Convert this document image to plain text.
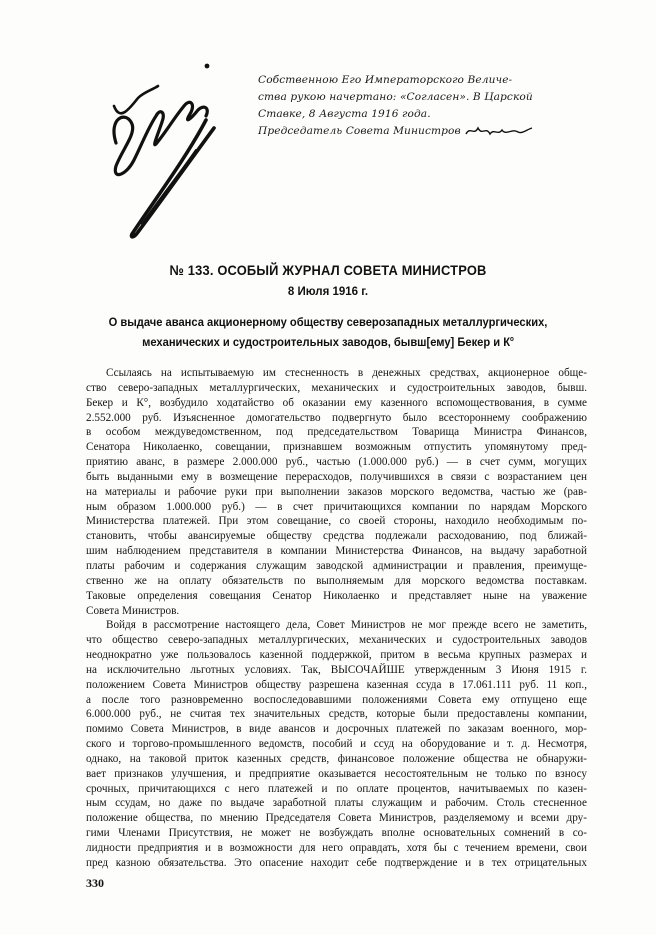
Собственною Его Императорского Величе-
ства рукою начертано: «Согласен». В Царской
Ставке, 8 Августа 1916 года.
Председатель Совета Министров
№ 133. ОСОБЫЙ ЖУРНАЛ СОВЕТА МИНИСТРОВ
8 Июля 1916 г.
О выдаче аванса акционерному обществу северозападных металлургических,
механических и судостроительных заводов, бывш[ему] Бекер и $К^о$
Ссылаясь на испытываемую им стесненность в денежных средствах, акционерное обще-
ство северо-западных металлургических, механических и судостроительных заводов, бывш.
Бекер и К°, возбудило ходатайство об оказании ему казенного вспомоществования, в сумме
2.552.000 руб. Изъясненное домогательство подвергнуто было всестороннему соображению
в особом междуведомственном, под председательством Товарища Министра Финансов,
Сенатора Николаенко, совещании, признавшем возможным отпустить упомянутому пред-
приятию аванс, в размере 2.000.000 руб., частью (1.000.000 руб.) — в счет сумм, могущих
быть выданными ему в возмещение перерасходов, получившихся в связи с возрастанием цен
на материалы и рабочие руки при выполнении заказов морского ведомства, частью же (рав-
ным образом 1.000.000 руб.) — в счет причитающихся компании по нарядам Морского
Министерства платежей. При этом совещание, со своей стороны, находило необходимым по-
становить, чтобы авансируемые обществу средства подлежали расходованию, под ближай-
шим наблюдением представителя в компании Министерства Финансов, на выдачу заработной
платы рабочим и содержания служащим заводской администрации и правления, преимуще-
ственно же на оплату обязательств по выполняемым для морского ведомства поставкам.
Таковые определения совещания Сенатор Николаенко и представляет ныне на уважение
Совета Министров.
Войдя в рассмотрение настоящего дела, Совет Министров не мог прежде всего не заметить,
что общество северо-западных металлургических, механических и судостроительных заводов
неоднократно уже пользовалось казенной поддержкой, притом в весьма крупных размерах и
на исключительно льготных условиях. Так, ВЫСОЧАЙШЕ утвержденным 3 Июня 1915 г.
положением Совета Министров обществу разрешена казенная ссуда в 17.061.111 руб. 11 коп.,
а после того разновременно воспоследовавшими положениями Совета ему отпущено еще
6.000.000 руб., не считая тех значительных средств, которые были предоставлены компании,
помимо Совета Министров, в виде авансов и досрочных платежей по заказам военного, мор-
ского и торгово-промышленного ведомств, пособий и ссуд на оборудование и т. д. Несмотря,
однако, на таковой приток казенных средств, финансовое положение общества не обнаружи-
вает признаков улучшения, и предприятие оказывается несостоятельным не только по взносу
срочных, причитающихся с него платежей и по оплате процентов, начитываемых по казен-
ным ссудам, но даже по выдаче заработной платы служащим и рабочим. Столь стесненное
положение общества, по мнению Председателя Совета Министров, разделяемому и всеми дру-
гими Членами Присутствия, не может не возбуждать вполне основательных сомнений в со-
лидности предприятия и в возможности для него оправдать, хотя бы с течением времени, свои
пред казною обязательства. Это опасение находит себе подтверждение и в тех отрицательных
330
